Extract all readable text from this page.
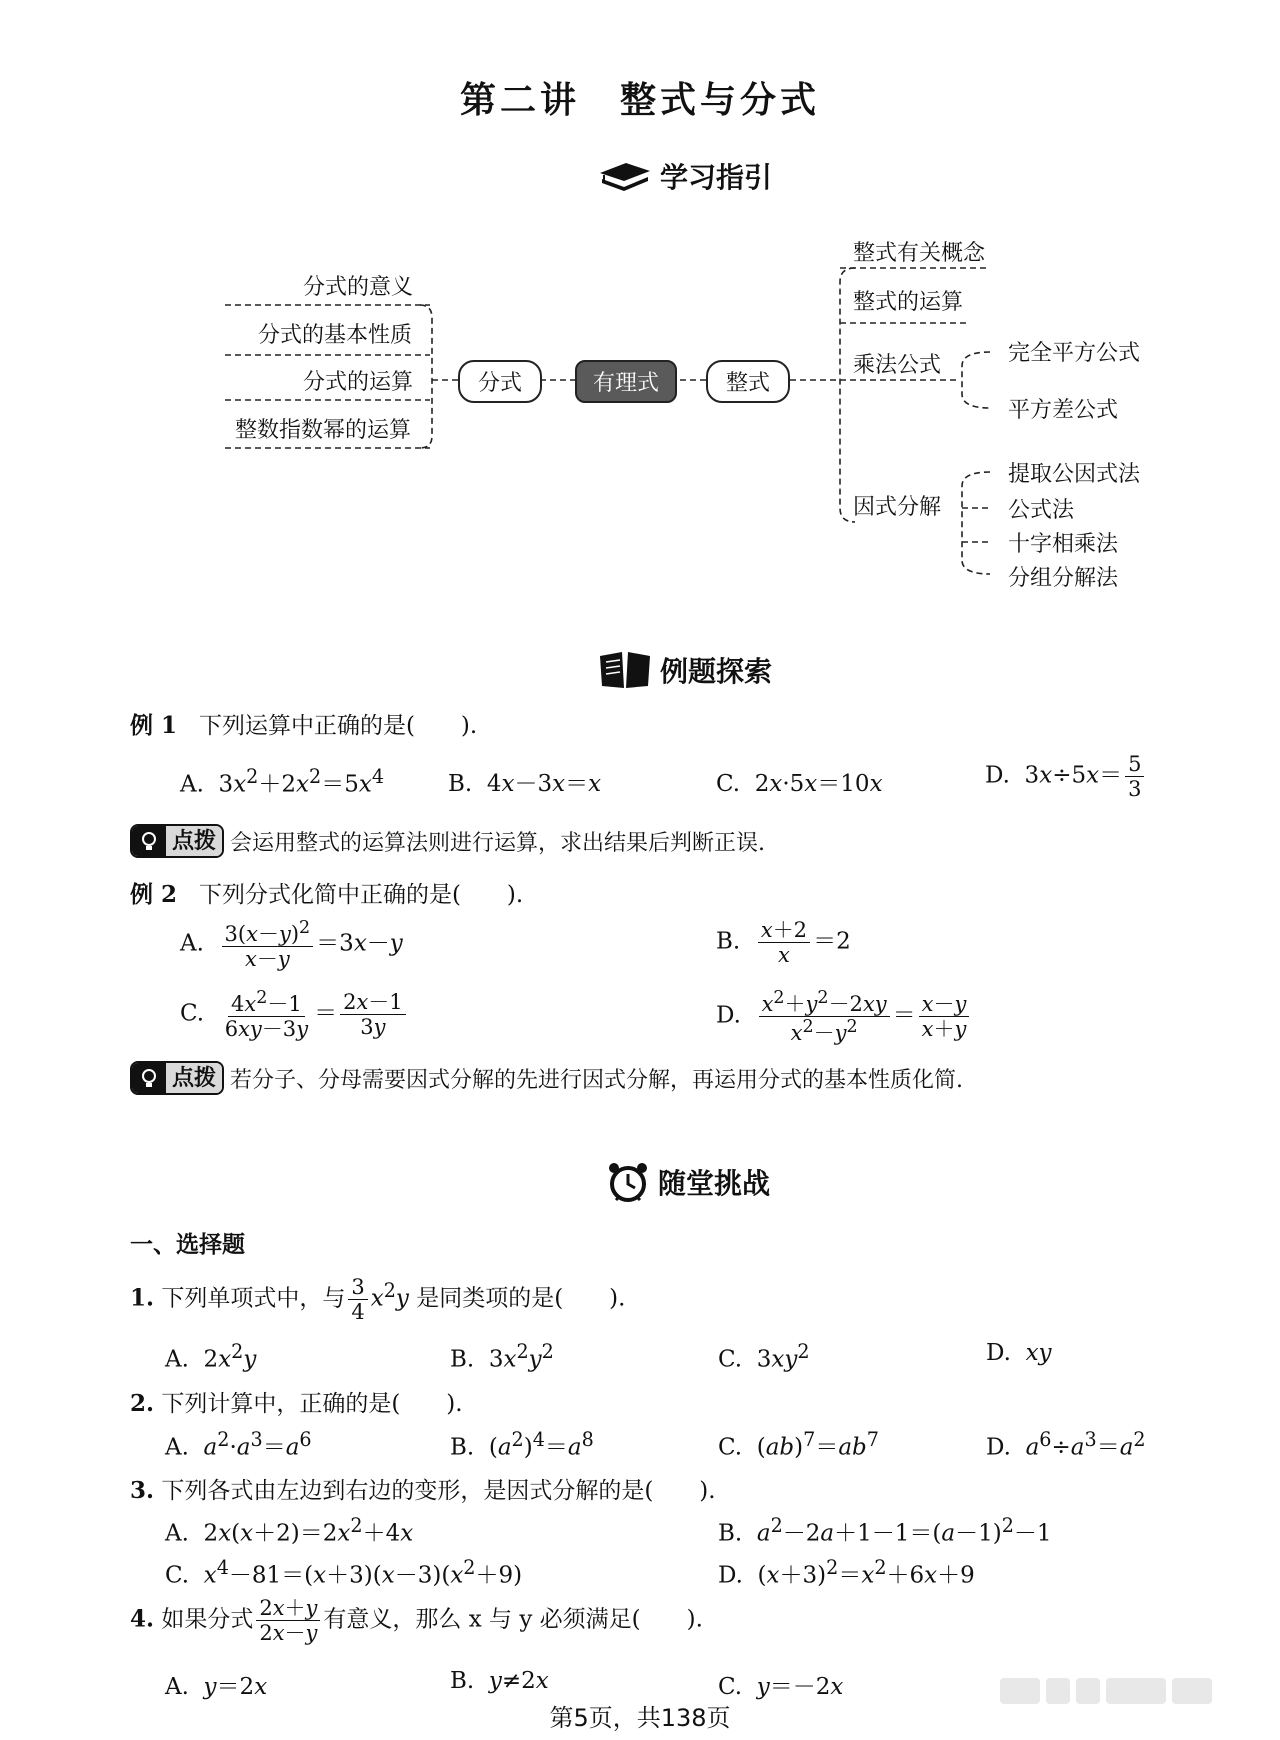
第二讲　整式与分式
学习指引
分式的意义
分式的基本性质
分式的运算
整数指数幂的运算
分式	有理式	整式
整式有关概念
整式的运算
乘法公式
因式分解
完全平方公式
平方差公式
提取公因式法
公式法
十字相乘法
分组分解法
例题探索
例 1 下列运算中正确的是(　　).
A.  $3x^2+2x^2=5x^4$	B.  4x－3x＝x	C.  2x·5x＝10x	D.  $3x\div 5x= \frac{5}{3}$
点拨 会运用整式的运算法则进行运算，求出结果后判断正误.
例 2 下列分式化简中正确的是(　　).
A. $\frac{3(x-y)^2}{x-y} =3x-y$	B. $\frac{x+2}{x} =2$
C. $\frac{4x^2-1}{6xy-3y} = \frac{2x-1}{3y}$	D. $\frac{x^2+y^2-2xy}{x^2-y^2} = \frac{x-y}{x+y}$
点拨 若分子、分母需要因式分解的先进行因式分解，再运用分式的基本性质化简.
随堂挑战
一、选择题
1. 下列单项式中，与 $\frac{3}{4} x^2y$ 是同类项的是(　　).
A.  $2x^2y$	B.  $3x^2y^2$	C.  $3xy^2$	D.  xy
2. 下列计算中，正确的是(　　).
A.  $a^2\cdot a^3=a^6$	B.  $(a^2)^4=a^8$	C.  $(ab)^7=ab^7$	D.  $a^6\div a^3=a^2$
3. 下列各式由左边到右边的变形，是因式分解的是(　　).
A.  $2x(x+2)=2x^2+4x$	B.  $a^2-2a+1-1=(a-1)^2-1$
C.  $x^4-81=(x+3)(x-3)(x^2+9)$	D.  $(x+3)^2=x^2+6x+9$
4. 如果分式 $\frac{2x+y}{2x-y}$ 有意义，那么 x 与 y 必须满足(　　).
A.  y＝2x	B.  y≠2x	C.  y＝－2x
第5页，共138页
